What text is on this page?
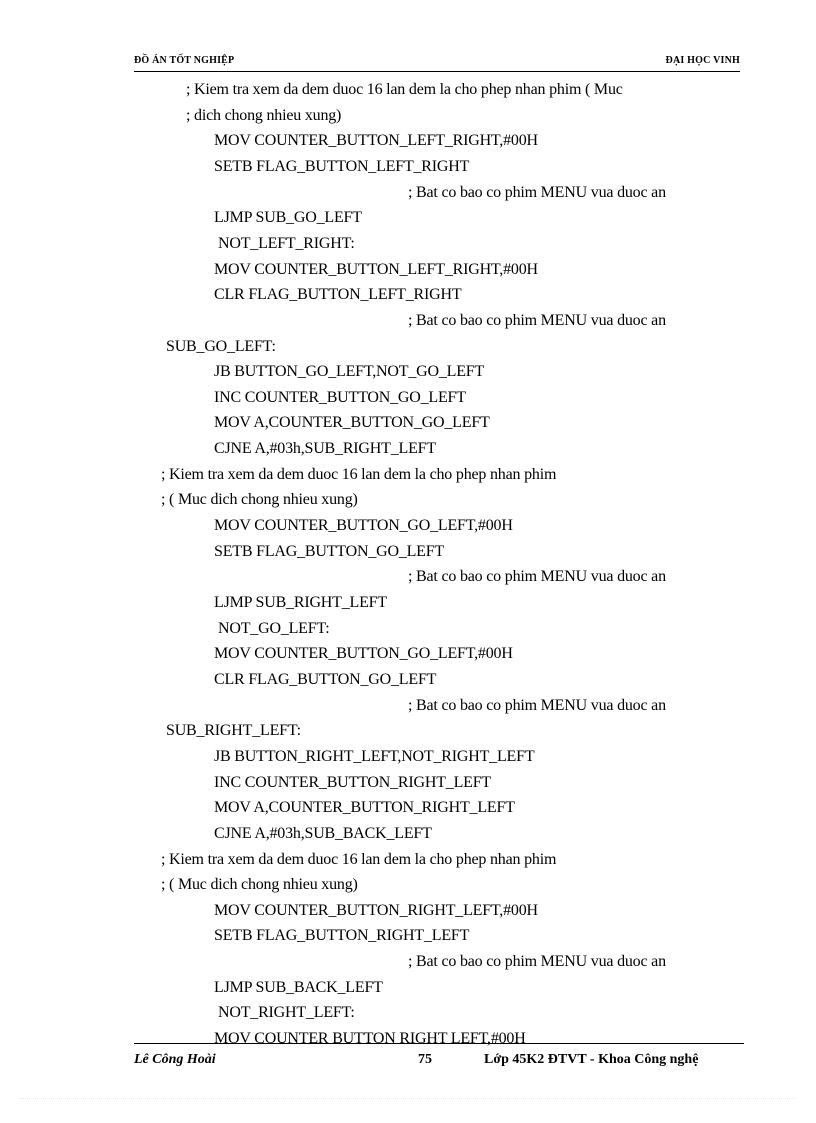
ĐỒ ÁN TỐT NGHIỆP	ĐẠI HỌC VINH
; Kiem tra xem da dem duoc 16 lan dem la cho phep nhan phim ( Muc
; dich chong nhieu xung)
MOV COUNTER_BUTTON_LEFT_RIGHT,#00H
SETB FLAG_BUTTON_LEFT_RIGHT
; Bat co bao co phim MENU vua duoc an
LJMP SUB_GO_LEFT
NOT_LEFT_RIGHT:
MOV COUNTER_BUTTON_LEFT_RIGHT,#00H
CLR FLAG_BUTTON_LEFT_RIGHT
; Bat co bao co phim MENU vua duoc an
SUB_GO_LEFT:
JB BUTTON_GO_LEFT,NOT_GO_LEFT
INC COUNTER_BUTTON_GO_LEFT
MOV A,COUNTER_BUTTON_GO_LEFT
CJNE A,#03h,SUB_RIGHT_LEFT
; Kiem tra xem da dem duoc 16 lan dem la cho phep nhan phim
; ( Muc dich chong nhieu xung)
MOV COUNTER_BUTTON_GO_LEFT,#00H
SETB FLAG_BUTTON_GO_LEFT
; Bat co bao co phim MENU vua duoc an
LJMP SUB_RIGHT_LEFT
NOT_GO_LEFT:
MOV COUNTER_BUTTON_GO_LEFT,#00H
CLR FLAG_BUTTON_GO_LEFT
; Bat co bao co phim MENU vua duoc an
SUB_RIGHT_LEFT:
JB BUTTON_RIGHT_LEFT,NOT_RIGHT_LEFT
INC COUNTER_BUTTON_RIGHT_LEFT
MOV A,COUNTER_BUTTON_RIGHT_LEFT
CJNE A,#03h,SUB_BACK_LEFT
; Kiem tra xem da dem duoc 16 lan dem la cho phep nhan phim
; ( Muc dich chong nhieu xung)
MOV COUNTER_BUTTON_RIGHT_LEFT,#00H
SETB FLAG_BUTTON_RIGHT_LEFT
; Bat co bao co phim MENU vua duoc an
LJMP SUB_BACK_LEFT
NOT_RIGHT_LEFT:
MOV COUNTER BUTTON RIGHT LEFT,#00H
Lê Công Hoài	75	Lớp 45K2 ĐTVT - Khoa Công nghệ
